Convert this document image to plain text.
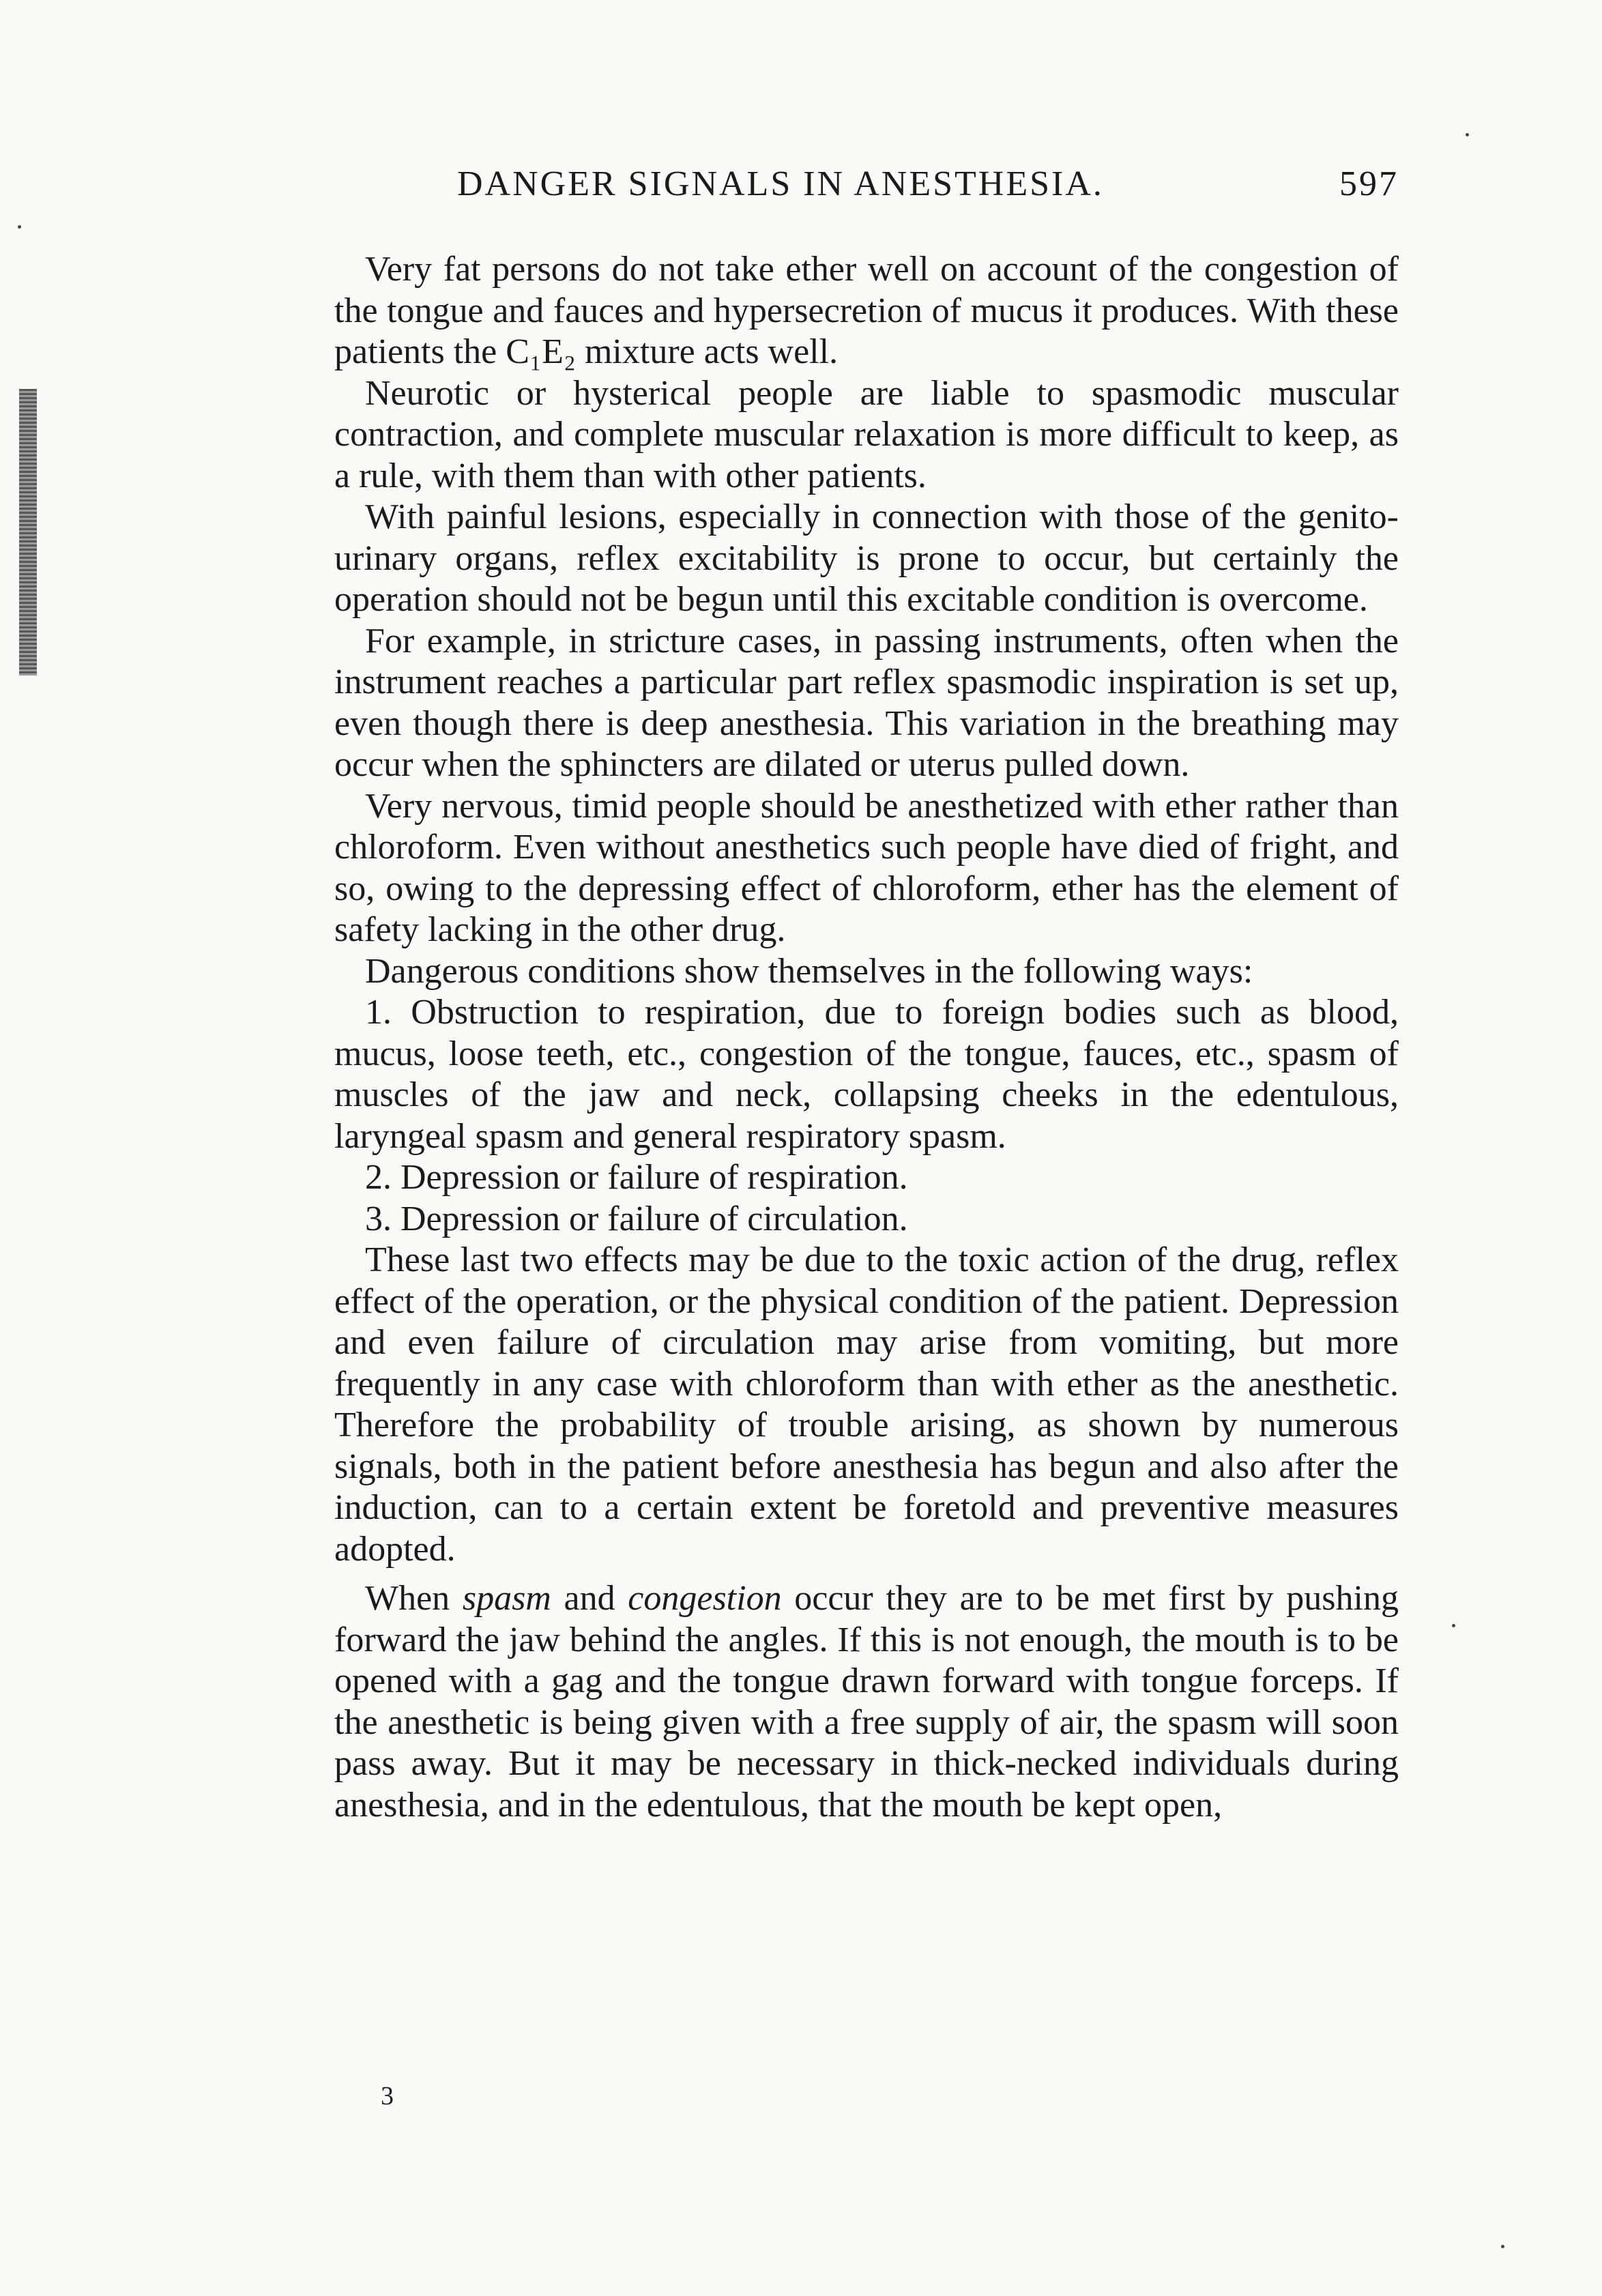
DANGER SIGNALS IN ANESTHESIA.	597

Very fat persons do not take ether well on account of the congestion of the tongue and fauces and hypersecretion of mucus it produces. With these patients the C₁E₂ mixture acts well.

Neurotic or hysterical people are liable to spasmodic muscular contraction, and complete muscular relaxation is more difficult to keep, as a rule, with them than with other patients.

With painful lesions, especially in connection with those of the genito-urinary organs, reflex excitability is prone to occur, but certainly the operation should not be begun until this excitable condition is overcome.

For example, in stricture cases, in passing instruments, often when the instrument reaches a particular part reflex spasmodic inspiration is set up, even though there is deep anesthesia. This variation in the breathing may occur when the sphincters are dilated or uterus pulled down.

Very nervous, timid people should be anesthetized with ether rather than chloroform. Even without anesthetics such people have died of fright, and so, owing to the depressing effect of chloroform, ether has the element of safety lacking in the other drug.

Dangerous conditions show themselves in the following ways:

1. Obstruction to respiration, due to foreign bodies such as blood, mucus, loose teeth, etc., congestion of the tongue, fauces, etc., spasm of muscles of the jaw and neck, collapsing cheeks in the edentulous, laryngeal spasm and general respiratory spasm.

2. Depression or failure of respiration.

3. Depression or failure of circulation.

These last two effects may be due to the toxic action of the drug, reflex effect of the operation, or the physical condition of the patient. Depression and even failure of circulation may arise from vomiting, but more frequently in any case with chloroform than with ether as the anesthetic. Therefore the probability of trouble arising, as shown by numerous signals, both in the patient before anesthesia has begun and also after the induction, can to a certain extent be foretold and preventive measures adopted.

When spasm and congestion occur they are to be met first by pushing forward the jaw behind the angles. If this is not enough, the mouth is to be opened with a gag and the tongue drawn forward with tongue forceps. If the anesthetic is being given with a free supply of air, the spasm will soon pass away. But it may be necessary in thick-necked individuals during anesthesia, and in the edentulous, that the mouth be kept open,

3
